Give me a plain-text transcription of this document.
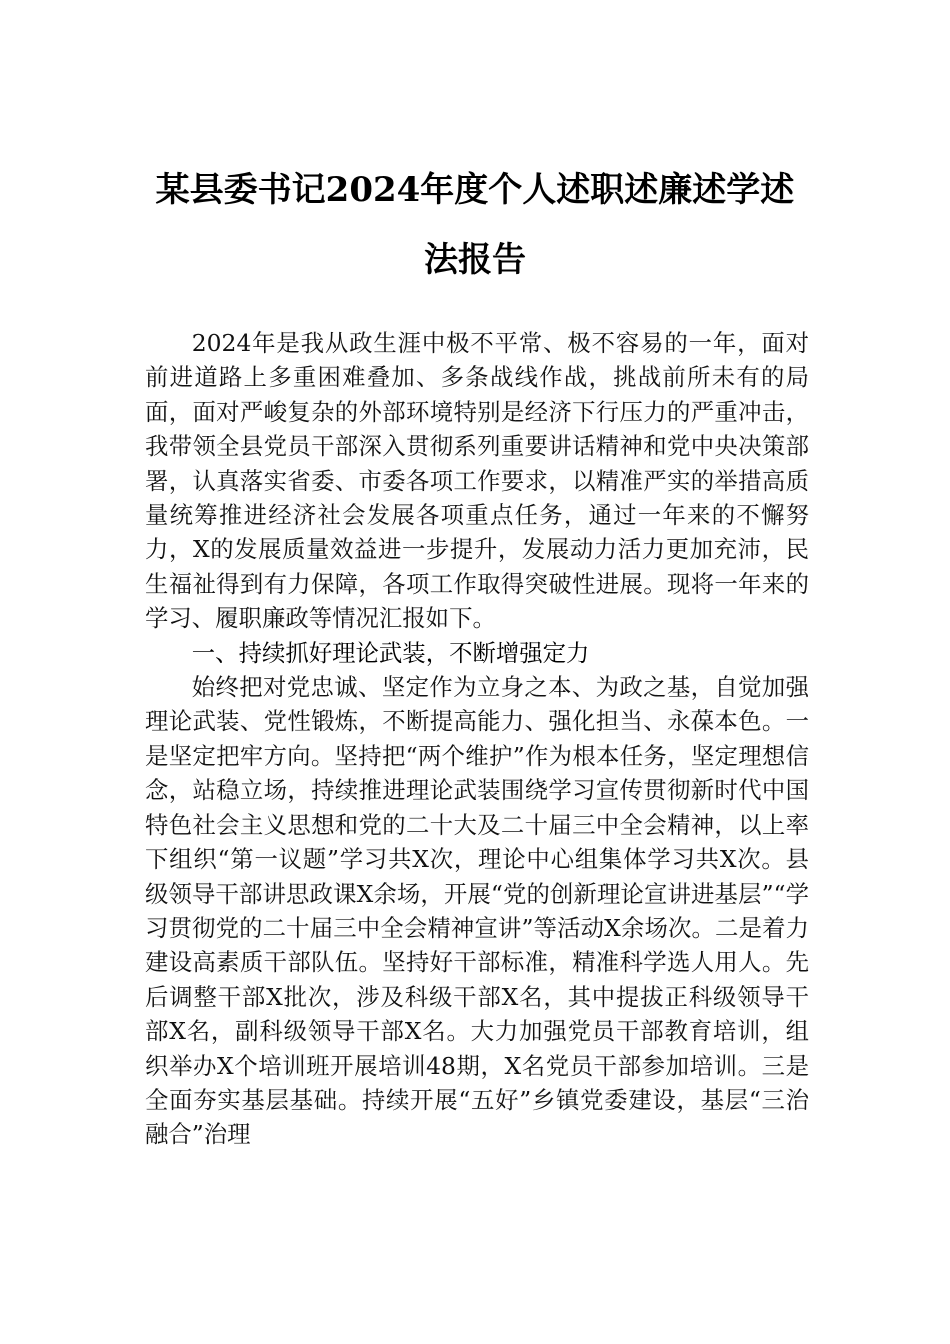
某县委书记2024年度个人述职述廉述学述法报告

2024年是我从政生涯中极不平常、极不容易的一年，面对前进道路上多重困难叠加、多条战线作战，挑战前所未有的局面，面对严峻复杂的外部环境特别是经济下行压力的严重冲击，我带领全县党员干部深入贯彻系列重要讲话精神和党中央决策部署，认真落实省委、市委各项工作要求，以精准严实的举措高质量统筹推进经济社会发展各项重点任务，通过一年来的不懈努力，X的发展质量效益进一步提升，发展动力活力更加充沛，民生福祉得到有力保障，各项工作取得突破性进展。现将一年来的学习、履职廉政等情况汇报如下。

一、持续抓好理论武装，不断增强定力

始终把对党忠诚、坚定作为立身之本、为政之基，自觉加强理论武装、党性锻炼，不断提高能力、强化担当、永葆本色。一是坚定把牢方向。坚持把“两个维护”作为根本任务，坚定理想信念，站稳立场，持续推进理论武装围绕学习宣传贯彻新时代中国特色社会主义思想和党的二十大及二十届三中全会精神，以上率下组织“第一议题”学习共X次，理论中心组集体学习共X次。县级领导干部讲思政课X余场，开展“党的创新理论宣讲进基层”“学习贯彻党的二十届三中全会精神宣讲”等活动X余场次。二是着力建设高素质干部队伍。坚持好干部标准，精准科学选人用人。先后调整干部X批次，涉及科级干部X名，其中提拔正科级领导干部X名，副科级领导干部X名。大力加强党员干部教育培训，组织举办X个培训班开展培训48期，X名党员干部参加培训。三是全面夯实基层基础。持续开展“五好”乡镇党委建设，基层“三治融合”治理
